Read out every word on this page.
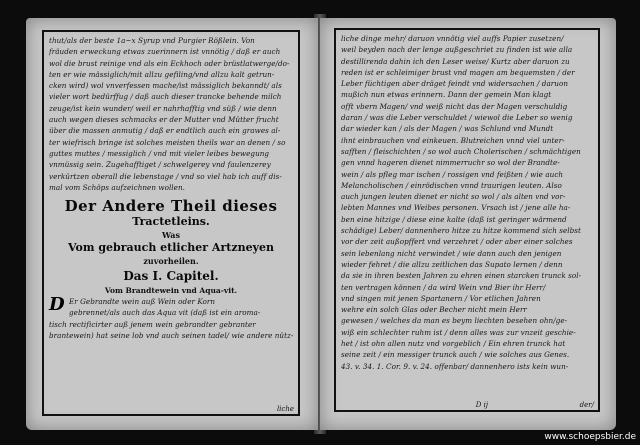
thut/als der beste 1a~x Syrup vnd Purgier Rößlein. Von
fräuden erweckung etwas zuerinnern ist vnnötig / daß er auch
wol die brust reinige vnd als ein Eckhoch oder brüstlatwerge/do-
ten er wie mässiglich/mit allzu gefiling/vnd allzu kalt getrun-
cken wird) wol vnverfessen mache/ist mässiglich bekanndt/ als
vieler wort bedürffug / daß auch dieser trancke behende milch
zeuge/ist kein wunder/ weil er nahrhafftig vnd süß / wie denn
auch wegen dieses schmacks er der Mutter vnd Mütter frucht
über die massen anmutig / daß er endtlich auch ein grawes al-
ter wiefrisch bringe ist solches meisten theils war an denen / so
guttes muttes / messiglich / vnd mit vieler leibes bewegung
vnmüssig sein. Zugehafftiget / schwelgerey vnd faulenzerey
verkürtzen oberall die lebenstage / vnd so viel hab ich auff dis-
mal vom Schöps aufzeichnen wollen.
Der Andere Theil dieses
Tractetleins.
Was
Vom gebrauch etlicher Artzneyen
zuvorheilen.
Das I. Capitel.
Vom Brandtewein vnd Aqua-vit.
D Er Gebrandte wein auß Wein oder Korn
gebrennet/als auch das Aqua vit (daß ist ein aroma-
tisch rectificirter auß jenem wein gebrandter gebranter
brantewein) hat seine lob vnd auch seinen tadel/ wie andere nütz-
liche
liche dinge mehr/ daruon vnnötig viel auffs Papier zusetzen/
weil beyden nach der lenge außgeschriet zu finden ist wie alla
destillirenda dahin ich den Leser weise/ Kurtz aber daruon zu
reden ist er schleimiger brust vnd magen am bequemsten / der
Leber füchtigen aber dräget feindt vnd widersachen / daruon
mußich nun etwas erinnern. Dann der gemein Man klagt
offt vbern Magen/ vnd weiß nicht das der Magen verschuldig
daran / was die Leber verschuldet / wiewol die Leber so wenig
dar wieder kan / als der Magen / was Schlund vnd Mundt
ihnt einbrauchen vnd einkeuen. Blutreichen vnnd viel unter-
safften / fleischichten / so wol auch Cholerischen / schmächtigen
gen vnnd hageren dienet nimmerruchr so wol der Brandte-
wein / als pfleg mar ischen / rossigen vnd feißten / wie auch
Melancholischen / einrödischen vnnd traurigen leuten. Also
auch jungen leuten dienet er nicht so wol / als alten vnd vor-
lebten Mannes vnd Weibes personen. Vrsach ist / jene alle ha-
ben eine hitzige / diese eine kalte (daß ist geringer wärmend
schädige) Leber/ dannenhero hitze zu hitze kommend sich selbst
vor der zeit außopffert vnd verzehret / oder aber einer solches
sein lebenlang nicht verwindet / wie dann auch den jenigen
wieder fehret / die allzu zeitlichen das Supato lernen / denn
da sie in ihren besten Jahren zu ehren einen starcken trunck sol-
ten vertragen können / da wird Wein vnd Bier ihr Herr/
vnd singen mit jenen Spartanern / Vor etlichen Jahren
wehre ein solch Glas oder Becher nicht mein Herr
gewesen / welches da man es beym liechten besehen ohn/ge-
wiß ein schlechter ruhm ist / denn alles was zur vnzeit geschie-
het / ist ohn allen nutz vnd vorgeblich / Ein ehren trunck hat
seine zeit / ein messiger trunck auch / wie solches aus Genes.
43. v. 34. 1. Cor. 9. v. 24. offenbar/ dannenhero ists kein wun-
D ij	der/
www.schoepsbier.de
